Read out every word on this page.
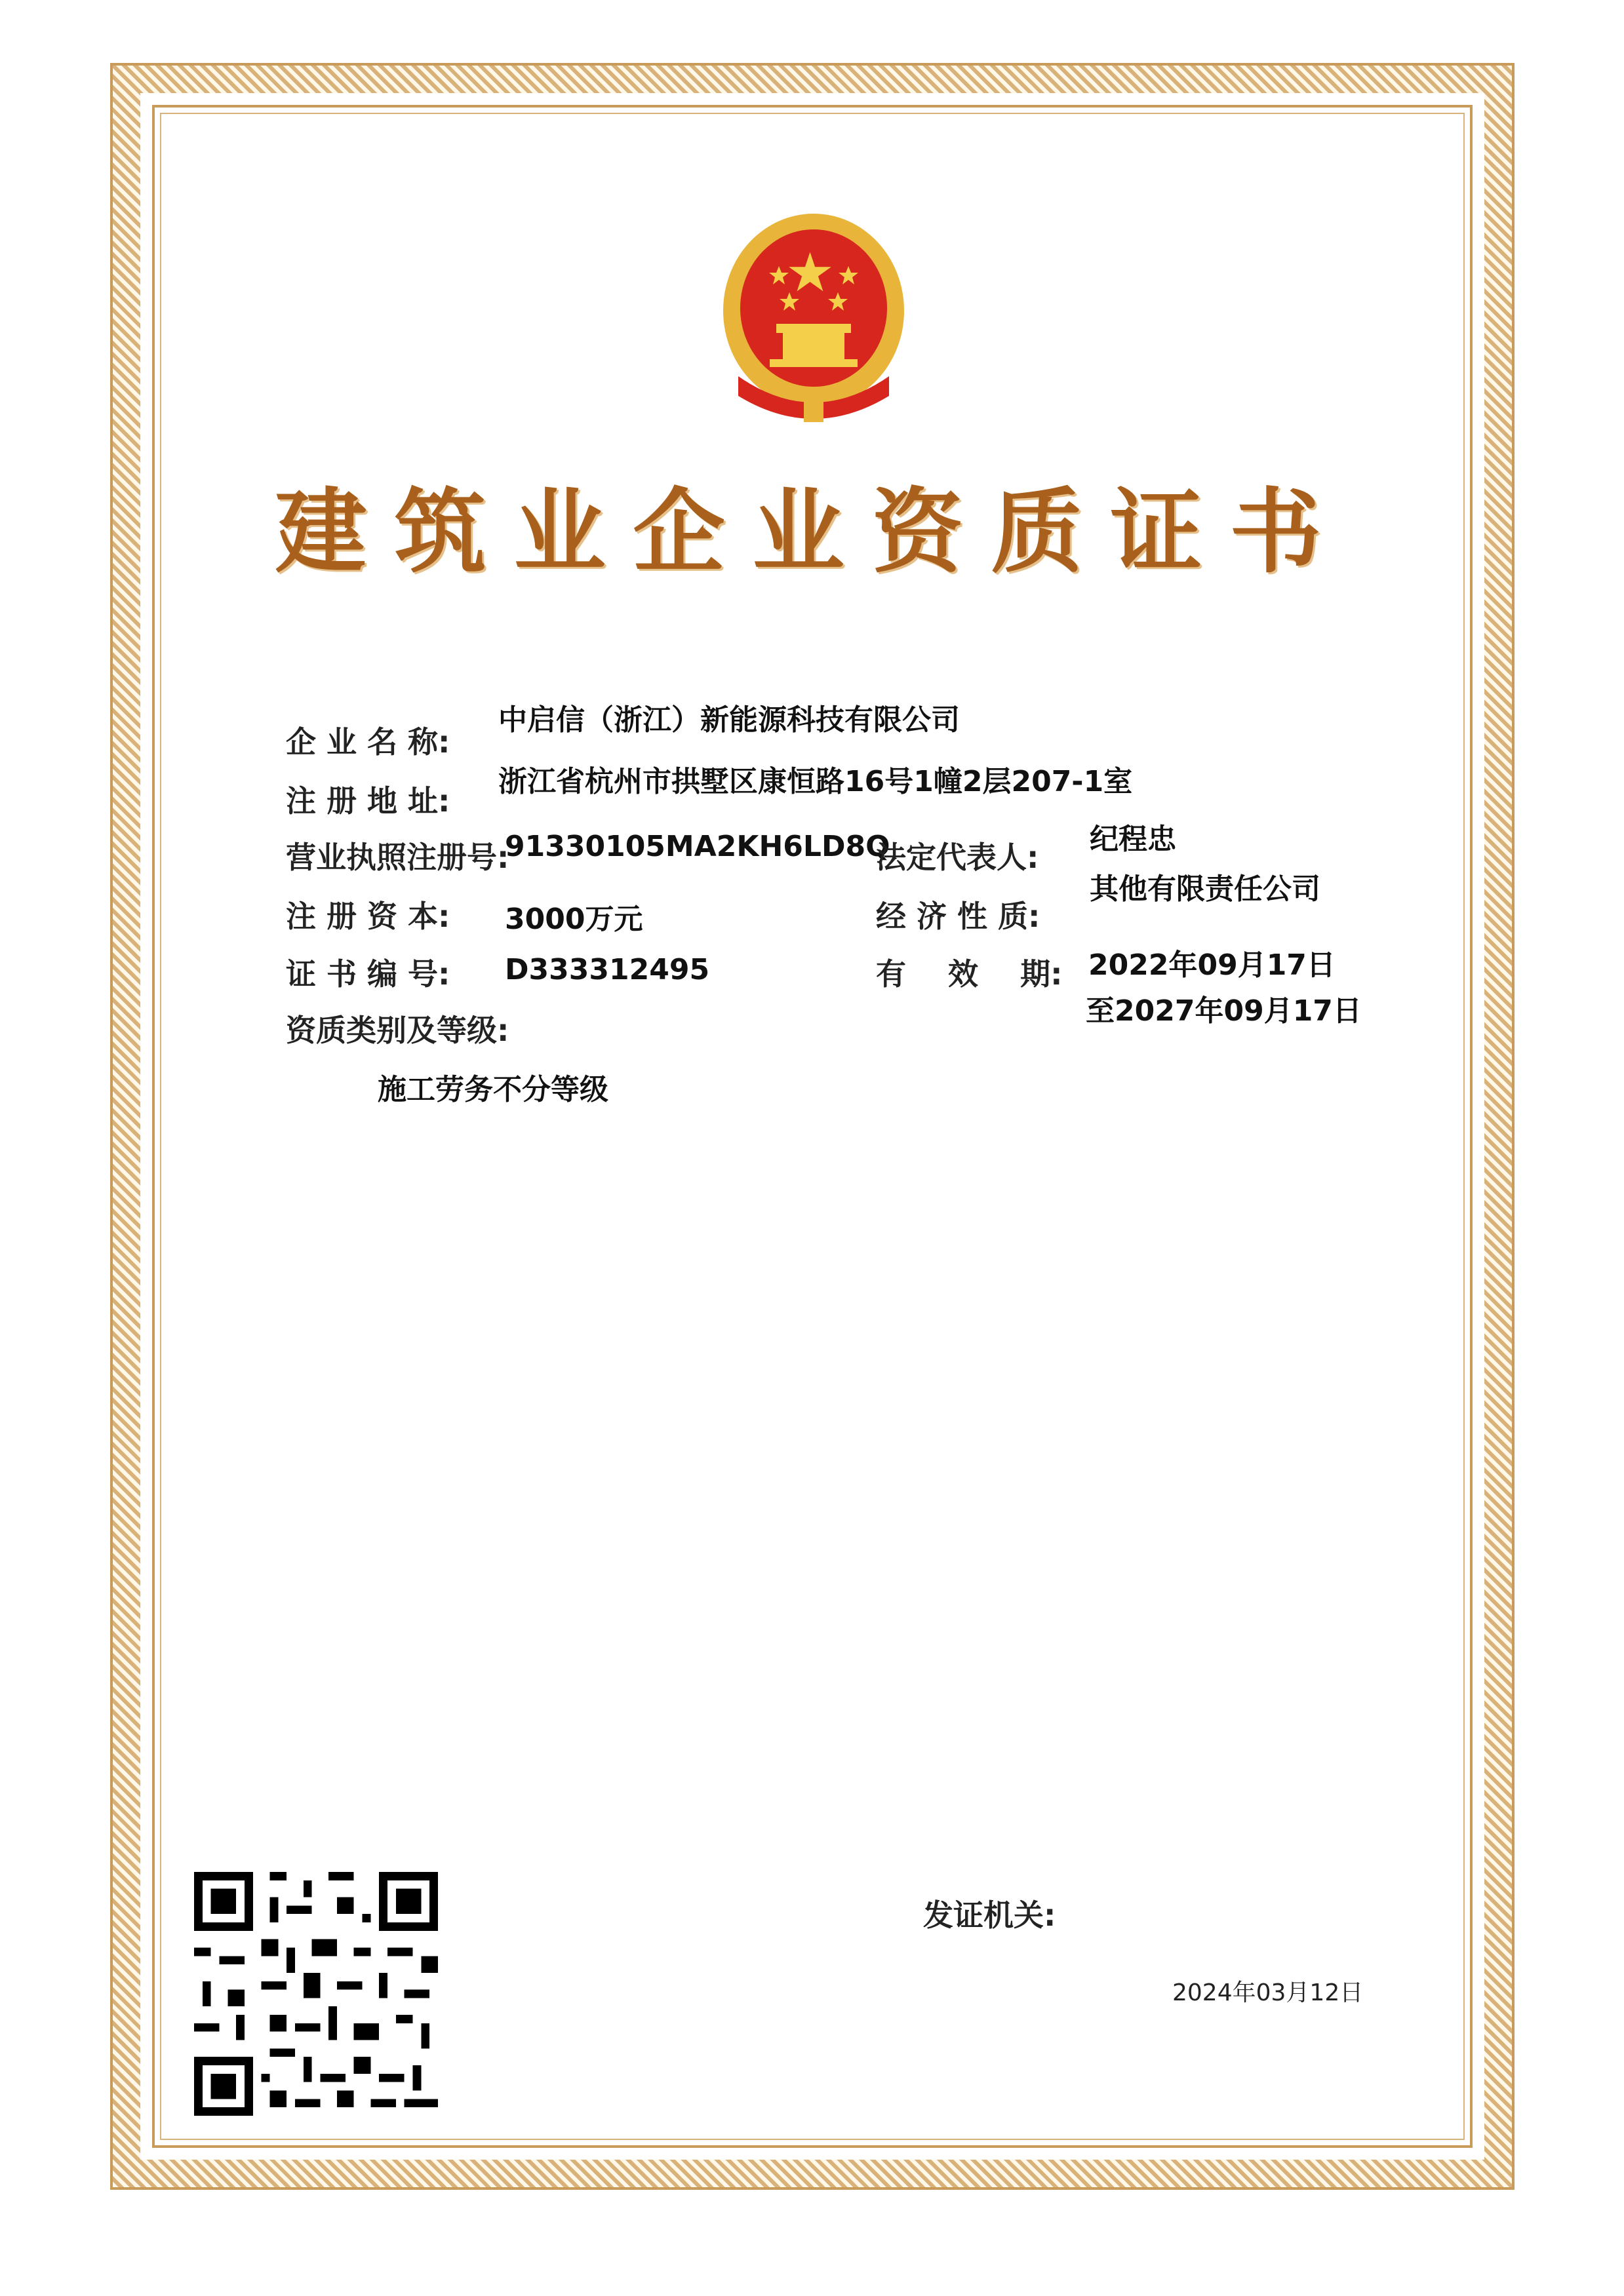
建筑业企业资质证书
企 业 名 称:
注 册 地 址:
营业执照注册号:
注 册 资 本:
证 书 编 号:
资质类别及等级:
中启信（浙江）新能源科技有限公司
浙江省杭州市拱墅区康恒路16号1幢2层207-1室
91330105MA2KH6LD8Q
3000万元
D333312495
施工劳务不分等级
法定代表人:
经 济 性 质:
有    效    期:
纪程忠
其他有限责任公司
2022年09月17日
至2027年09月17日
发证机关:
2024年03月12日
